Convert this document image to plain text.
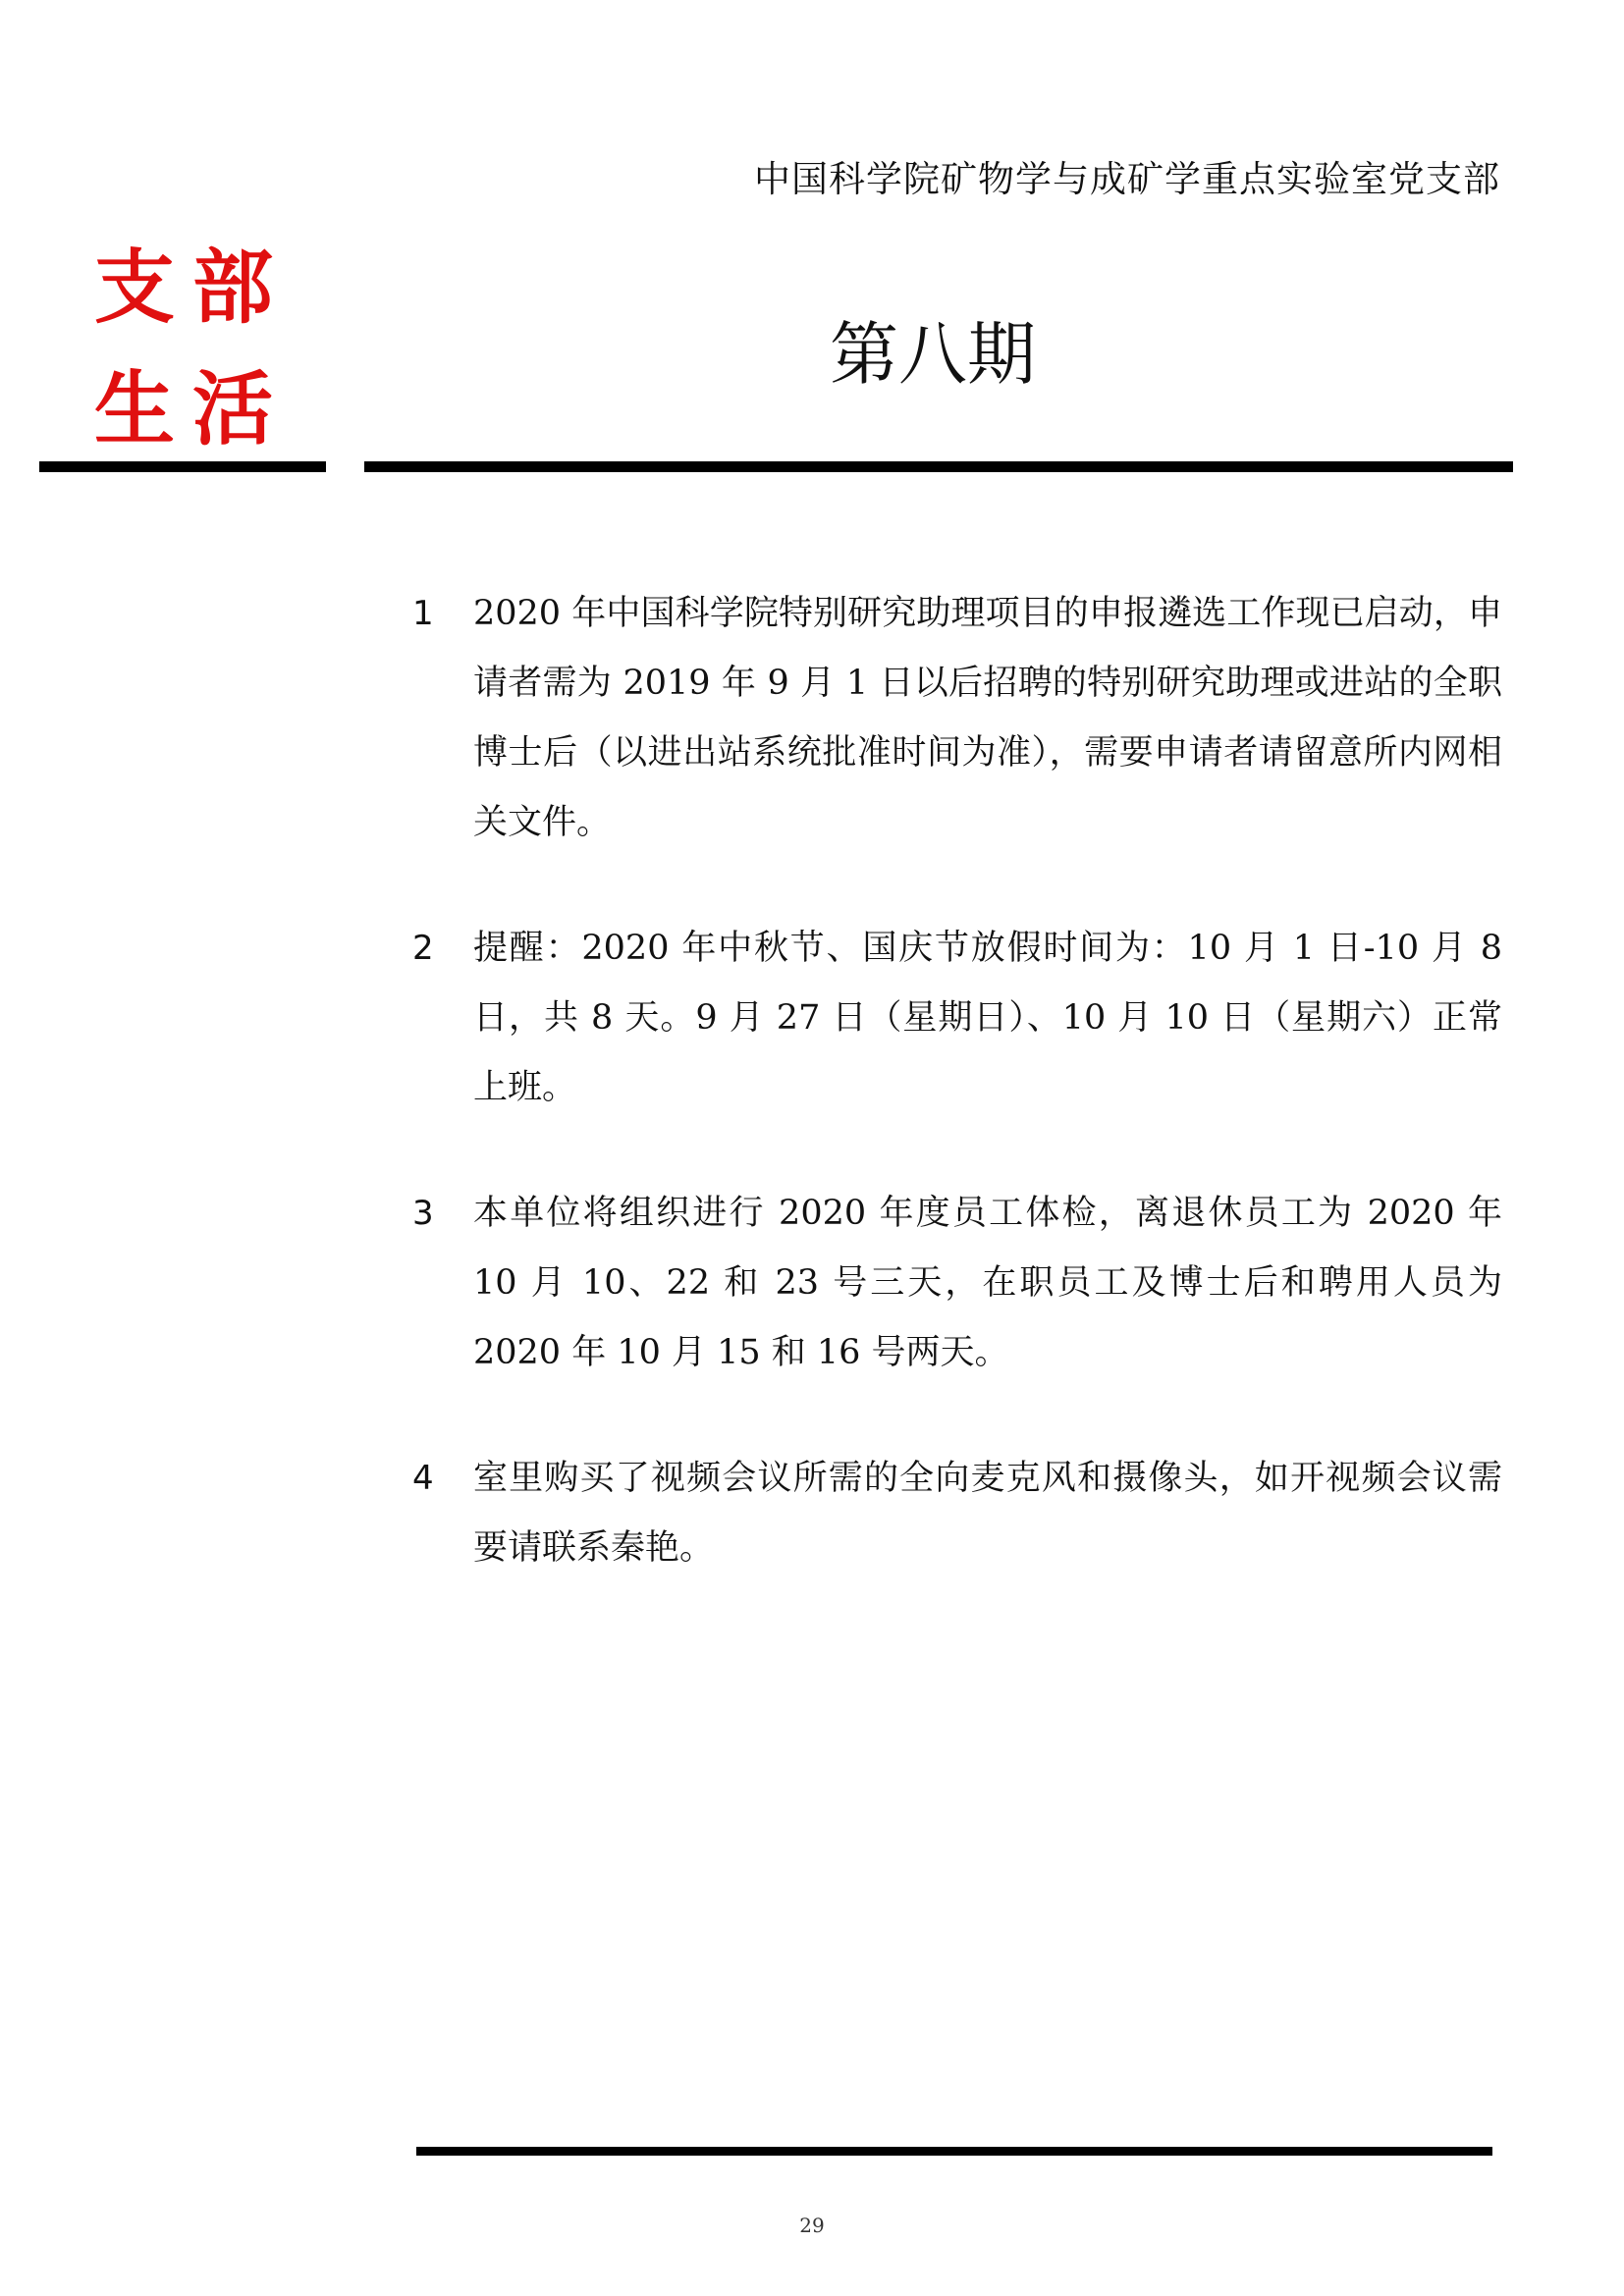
中国科学院矿物学与成矿学重点实验室党支部
支部
生活
第八期
1 2020 年中国科学院特别研究助理项目的申报遴选工作现已启动，申请者需为 2019 年 9 月 1 日以后招聘的特别研究助理或进站的全职博士后（以进出站系统批准时间为准），需要申请者请留意所内网相关文件。
2 提醒：2020 年中秋节、国庆节放假时间为：10 月 1 日-10 月 8 日，共 8 天。9 月 27 日（星期日）、10 月 10 日（星期六）正常上班。
3 本单位将组织进行 2020 年度员工体检，离退休员工为 2020 年 10 月 10、22 和 23 号三天，在职员工及博士后和聘用人员为 2020 年 10 月 15 和 16 号两天。
4 室里购买了视频会议所需的全向麦克风和摄像头，如开视频会议需要请联系秦艳。
29
